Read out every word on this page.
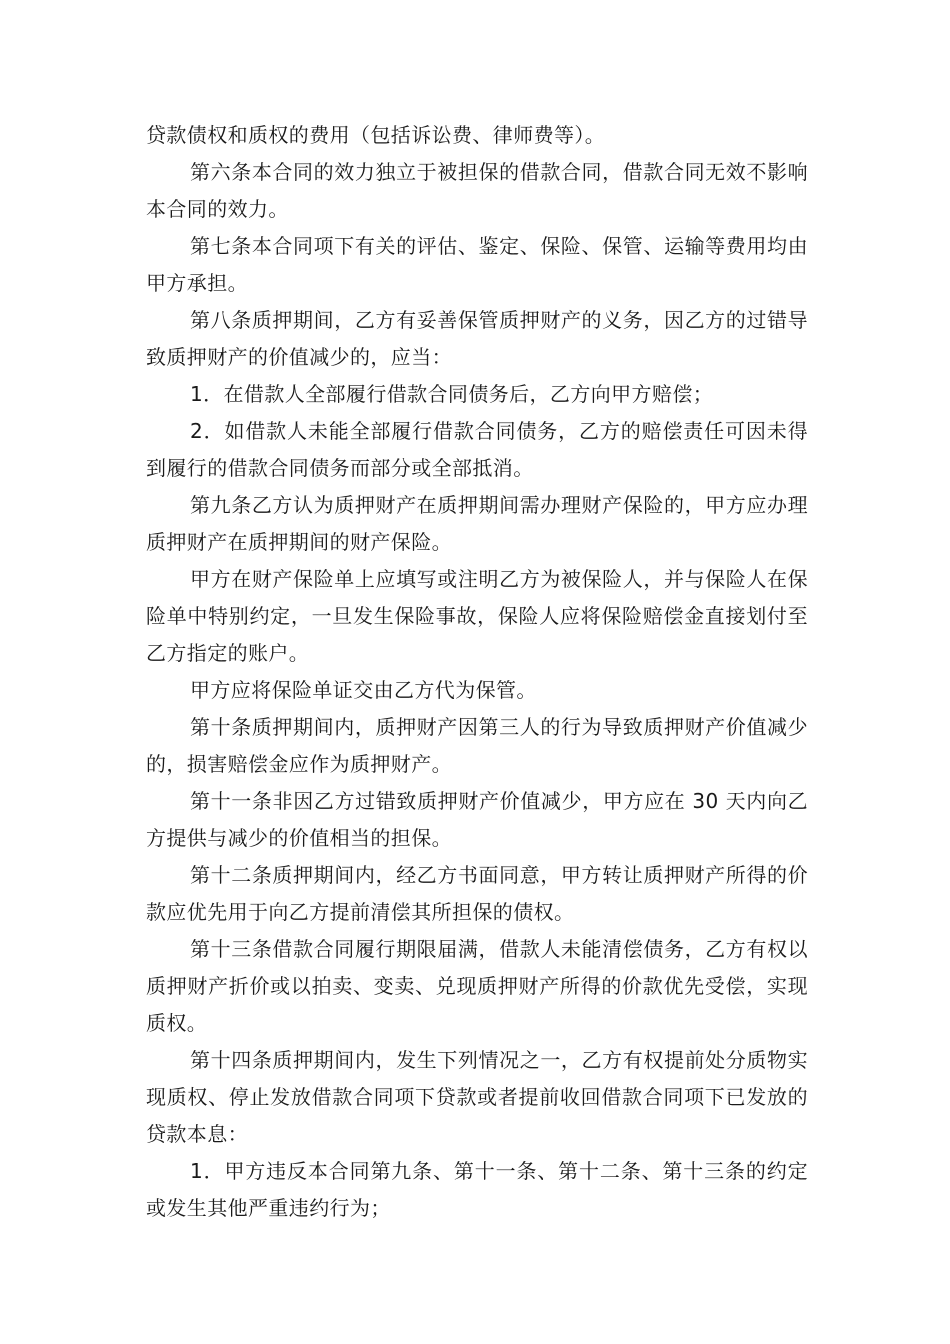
贷款债权和质权的费用（包括诉讼费、律师费等）。

第六条本合同的效力独立于被担保的借款合同，借款合同无效不影响本合同的效力。

第七条本合同项下有关的评估、鉴定、保险、保管、运输等费用均由甲方承担。

第八条质押期间，乙方有妥善保管质押财产的义务，因乙方的过错导致质押财产的价值减少的，应当：

1．在借款人全部履行借款合同债务后，乙方向甲方赔偿；

2．如借款人未能全部履行借款合同债务，乙方的赔偿责任可因未得到履行的借款合同债务而部分或全部抵消。

第九条乙方认为质押财产在质押期间需办理财产保险的，甲方应办理质押财产在质押期间的财产保险。

甲方在财产保险单上应填写或注明乙方为被保险人，并与保险人在保险单中特别约定，一旦发生保险事故，保险人应将保险赔偿金直接划付至乙方指定的账户。

甲方应将保险单证交由乙方代为保管。

第十条质押期间内，质押财产因第三人的行为导致质押财产价值减少的，损害赔偿金应作为质押财产。

第十一条非因乙方过错致质押财产价值减少，甲方应在 30 天内向乙方提供与减少的价值相当的担保。

第十二条质押期间内，经乙方书面同意，甲方转让质押财产所得的价款应优先用于向乙方提前清偿其所担保的债权。

第十三条借款合同履行期限届满，借款人未能清偿债务，乙方有权以质押财产折价或以拍卖、变卖、兑现质押财产所得的价款优先受偿，实现质权。

第十四条质押期间内，发生下列情况之一，乙方有权提前处分质物实现质权、停止发放借款合同项下贷款或者提前收回借款合同项下已发放的贷款本息：

1．甲方违反本合同第九条、第十一条、第十二条、第十三条的约定或发生其他严重违约行为；
